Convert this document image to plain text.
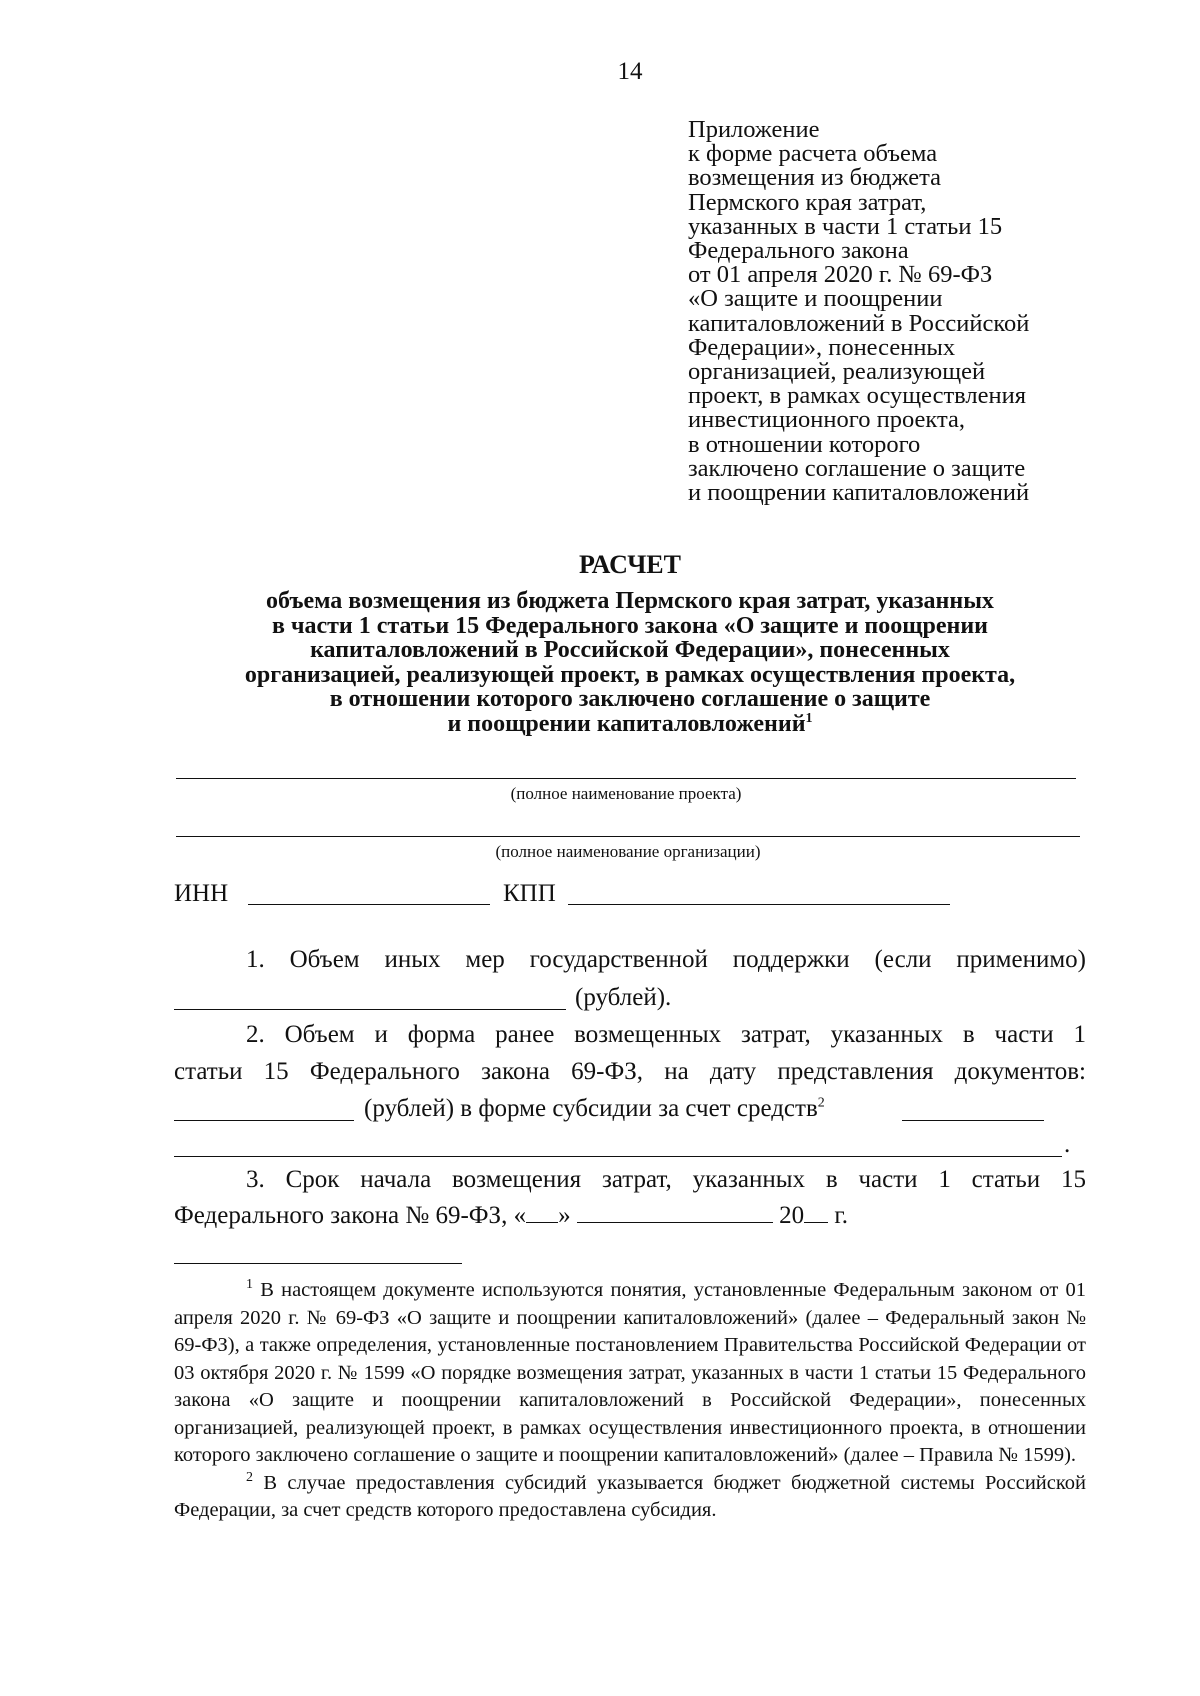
14
Приложение
к форме расчета объема
возмещения из бюджета
Пермского края затрат,
указанных в части 1 статьи 15
Федерального закона
от 01 апреля 2020 г. № 69-ФЗ
«О защите и поощрении
капиталовложений в Российской
Федерации», понесенных
организацией, реализующей
проект, в рамках осуществления
инвестиционного проекта,
в отношении которого
заключено соглашение о защите
и поощрении капиталовложений
РАСЧЕТ
объема возмещения из бюджета Пермского края затрат, указанных
в части 1 статьи 15 Федерального закона «О защите и поощрении
капиталовложений в Российской Федерации», понесенных
организацией, реализующей проект, в рамках осуществления проекта,
в отношении которого заключено соглашение о защите
и поощрении капиталовложений$^1$
(полное наименование проекта)
(полное наименование организации)
ИНН	КПП
1. Объем иных мер государственной поддержки (если применимо)
(рублей).
2. Объем и форма ранее возмещенных затрат, указанных в части 1
статьи 15 Федерального закона 69-ФЗ, на дату представления документов:
(рублей) в форме субсидии за счет средств$^2$
.
3. Срок начала возмещения затрат, указанных в части 1 статьи 15
Федерального закона № 69-ФЗ, « »	20 г.

$^1$ В настоящем документе используются понятия, установленные Федеральным законом от 01 апреля 2020 г. № 69-ФЗ «О защите и поощрении капиталовложений» (далее – Федеральный закон № 69-ФЗ), а также определения, установленные постановлением Правительства Российской Федерации от 03 октября 2020 г. № 1599 «О порядке возмещения затрат, указанных в части 1 статьи 15 Федерального закона «О защите и поощрении капиталовложений в Российской Федерации», понесенных организацией, реализующей проект, в рамках осуществления инвестиционного проекта, в отношении которого заключено соглашение о защите и поощрении капиталовложений» (далее – Правила № 1599).

$^2$ В случае предоставления субсидий указывается бюджет бюджетной системы Российской Федерации, за счет средств которого предоставлена субсидия.
